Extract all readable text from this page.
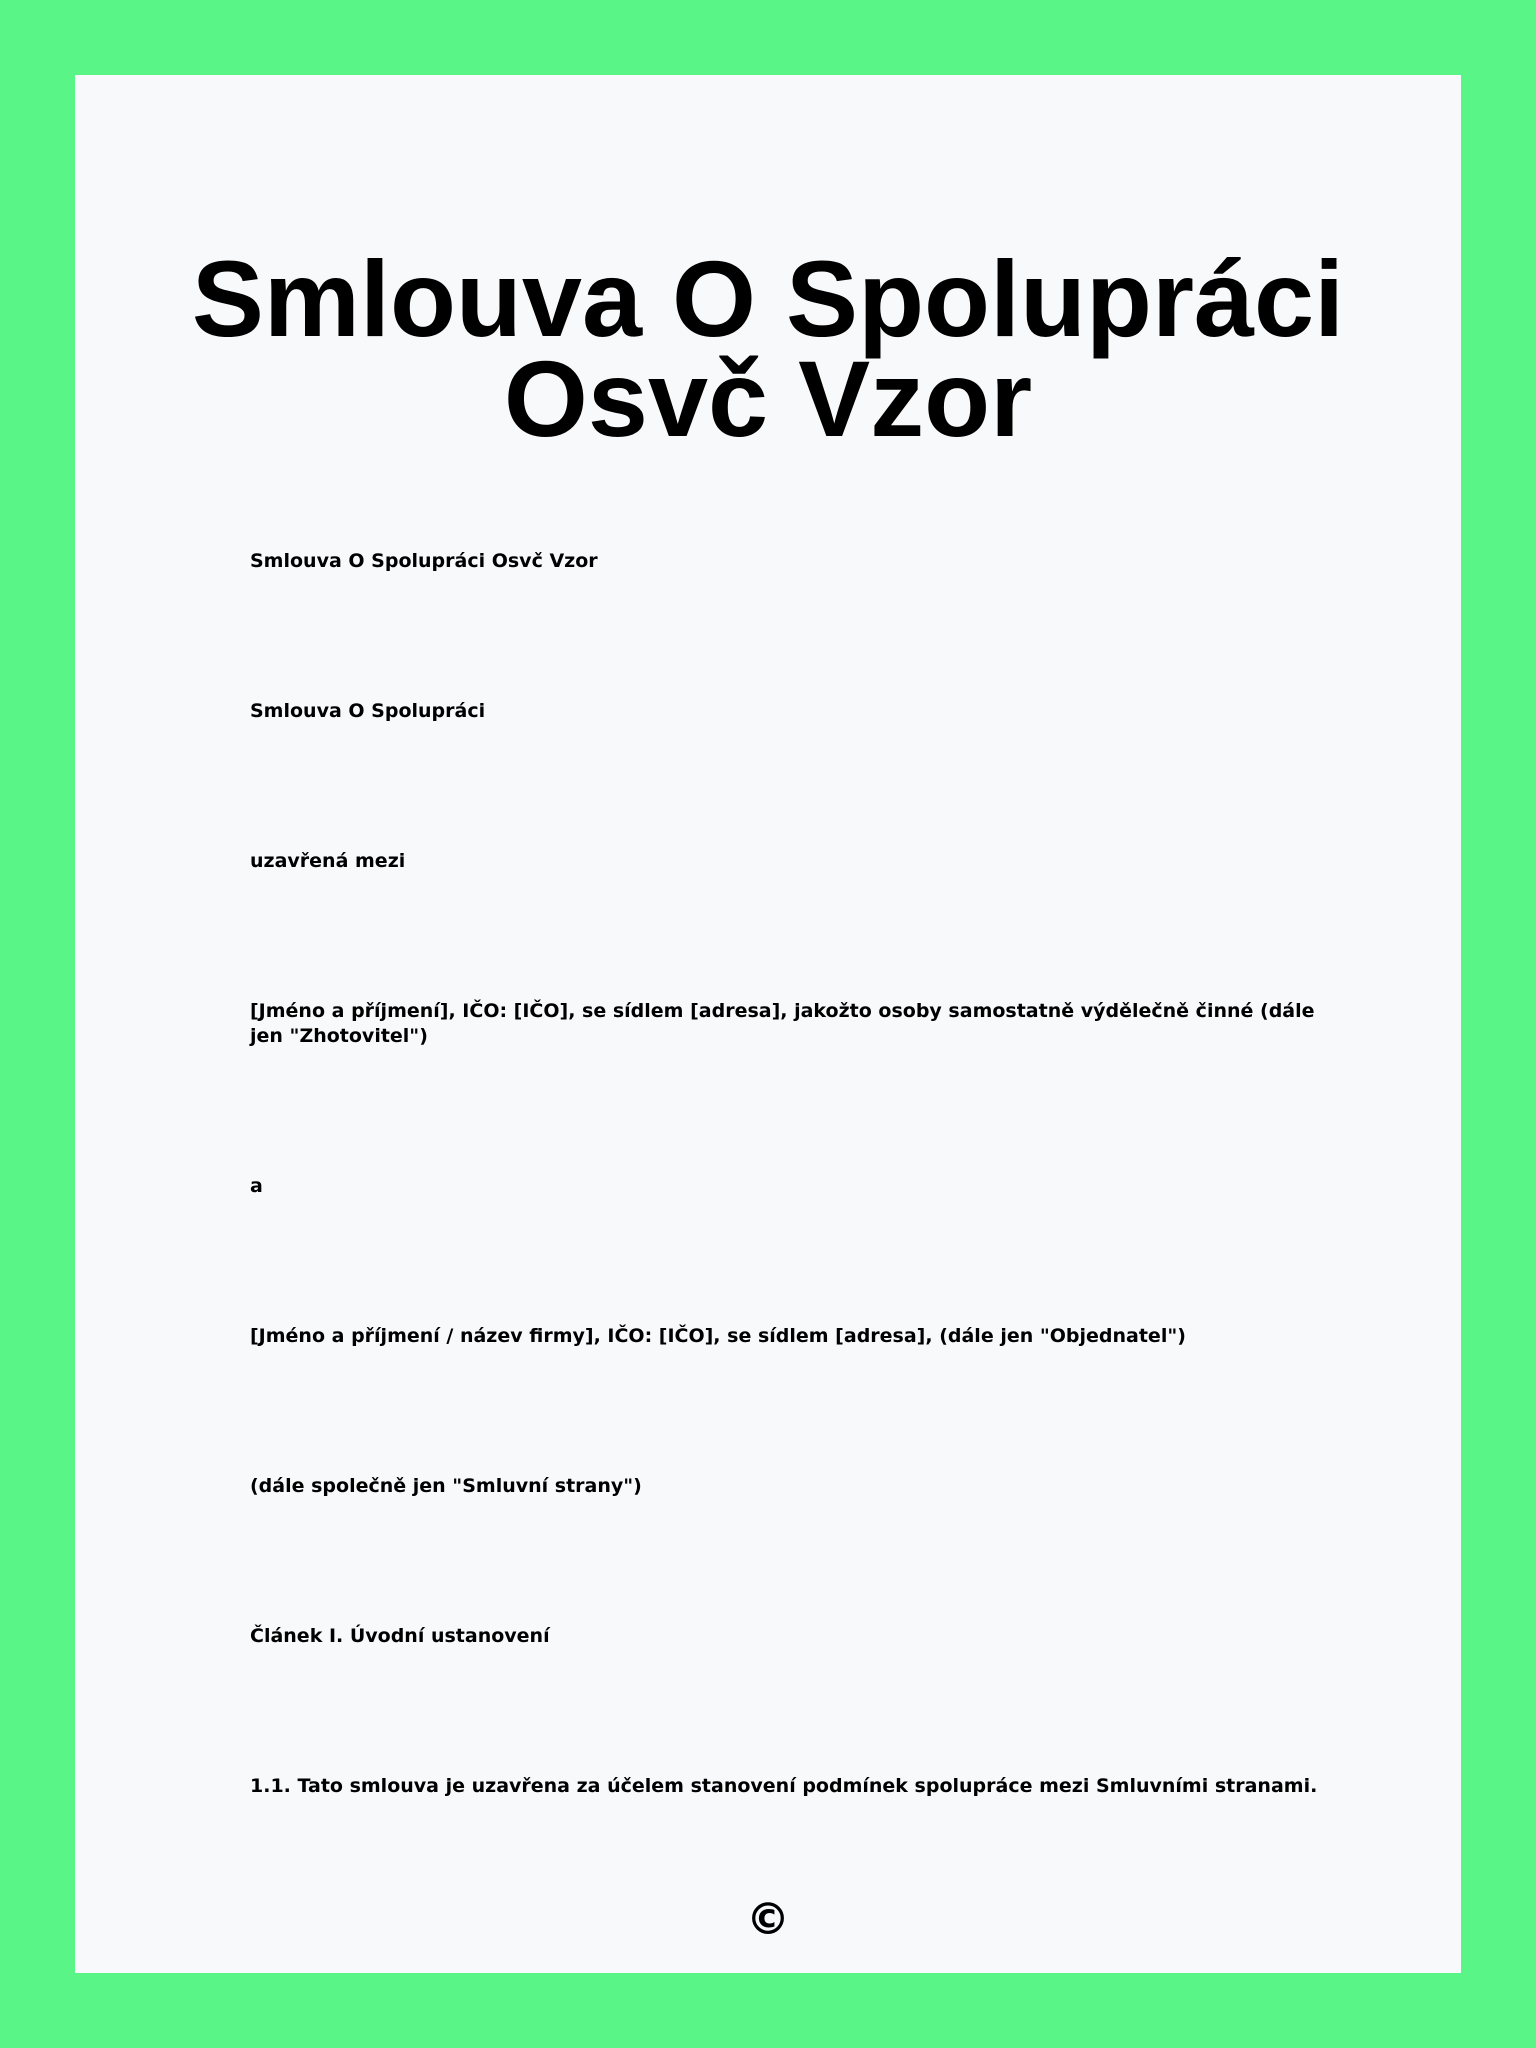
Smlouva O Spolupráci Osvč Vzor

Smlouva O Spolupráci Osvč Vzor

Smlouva O Spolupráci

uzavřená mezi

[Jméno a příjmení], IČO: [IČO], se sídlem [adresa], jakožto osoby samostatně výdělečně činné (dále jen "Zhotovitel")

a

[Jméno a příjmení / název firmy], IČO: [IČO], se sídlem [adresa], (dále jen "Objednatel")

(dále společně jen "Smluvní strany")

Článek I. Úvodní ustanovení

1.1. Tato smlouva je uzavřena za účelem stanovení podmínek spolupráce mezi Smluvními stranami.

©
